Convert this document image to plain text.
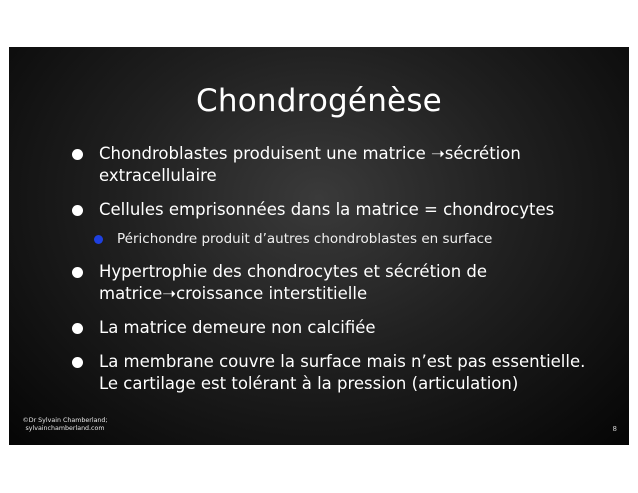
Chondrogénèse
Chondroblastes produisent une matrice ➝sécrétion extracellulaire
Cellules emprisonnées dans la matrice = chondrocytes
Périchondre produit d’autres chondroblastes en surface
Hypertrophie des chondrocytes et sécrétion de matrice➝croissance interstitielle
La matrice demeure non calcifiée
La membrane couvre la surface mais n’est pas essentielle. Le cartilage est tolérant à la pression (articulation)
©Dr Sylvain Chamberland;
sylvainchamberland.com	8
